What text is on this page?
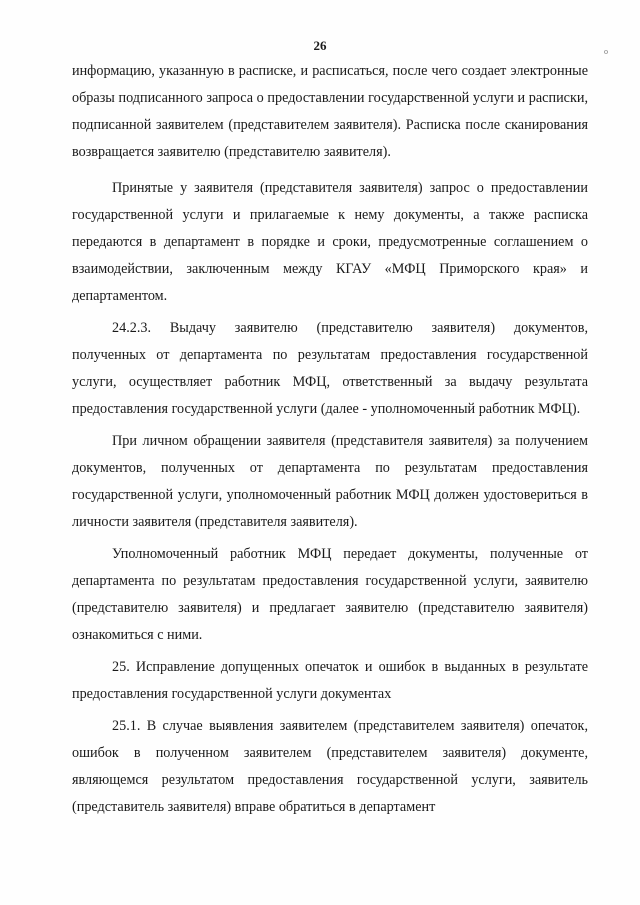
26	o

информацию, указанную в расписке, и расписаться, после чего создает электронные образы подписанного запроса о предоставлении государственной услуги и расписки, подписанной заявителем (представителем заявителя). Расписка после сканирования возвращается заявителю (представителю заявителя).

Принятые у заявителя (представителя заявителя) запрос о предоставлении государственной услуги и прилагаемые к нему документы, а также расписка передаются в департамент в порядке и сроки, предусмотренные соглашением о взаимодействии, заключенным между КГАУ «МФЦ Приморского края» и департаментом.

24.2.3. Выдачу заявителю (представителю заявителя) документов, полученных от департамента по результатам предоставления государственной услуги, осуществляет работник МФЦ, ответственный за выдачу результата предоставления государственной услуги (далее - уполномоченный работник МФЦ).

При личном обращении заявителя (представителя заявителя) за получением документов, полученных от департамента по результатам предоставления государственной услуги, уполномоченный работник МФЦ должен удостовериться в личности заявителя (представителя заявителя).

Уполномоченный работник МФЦ передает документы, полученные от департамента по результатам предоставления государственной услуги, заявителю (представителю заявителя) и предлагает заявителю (представителю заявителя) ознакомиться с ними.

25. Исправление допущенных опечаток и ошибок в выданных в результате предоставления государственной услуги документах

25.1. В случае выявления заявителем (представителем заявителя) опечаток, ошибок в полученном заявителем (представителем заявителя) документе, являющемся результатом предоставления государственной услуги, заявитель (представитель заявителя) вправе обратиться в департамент
